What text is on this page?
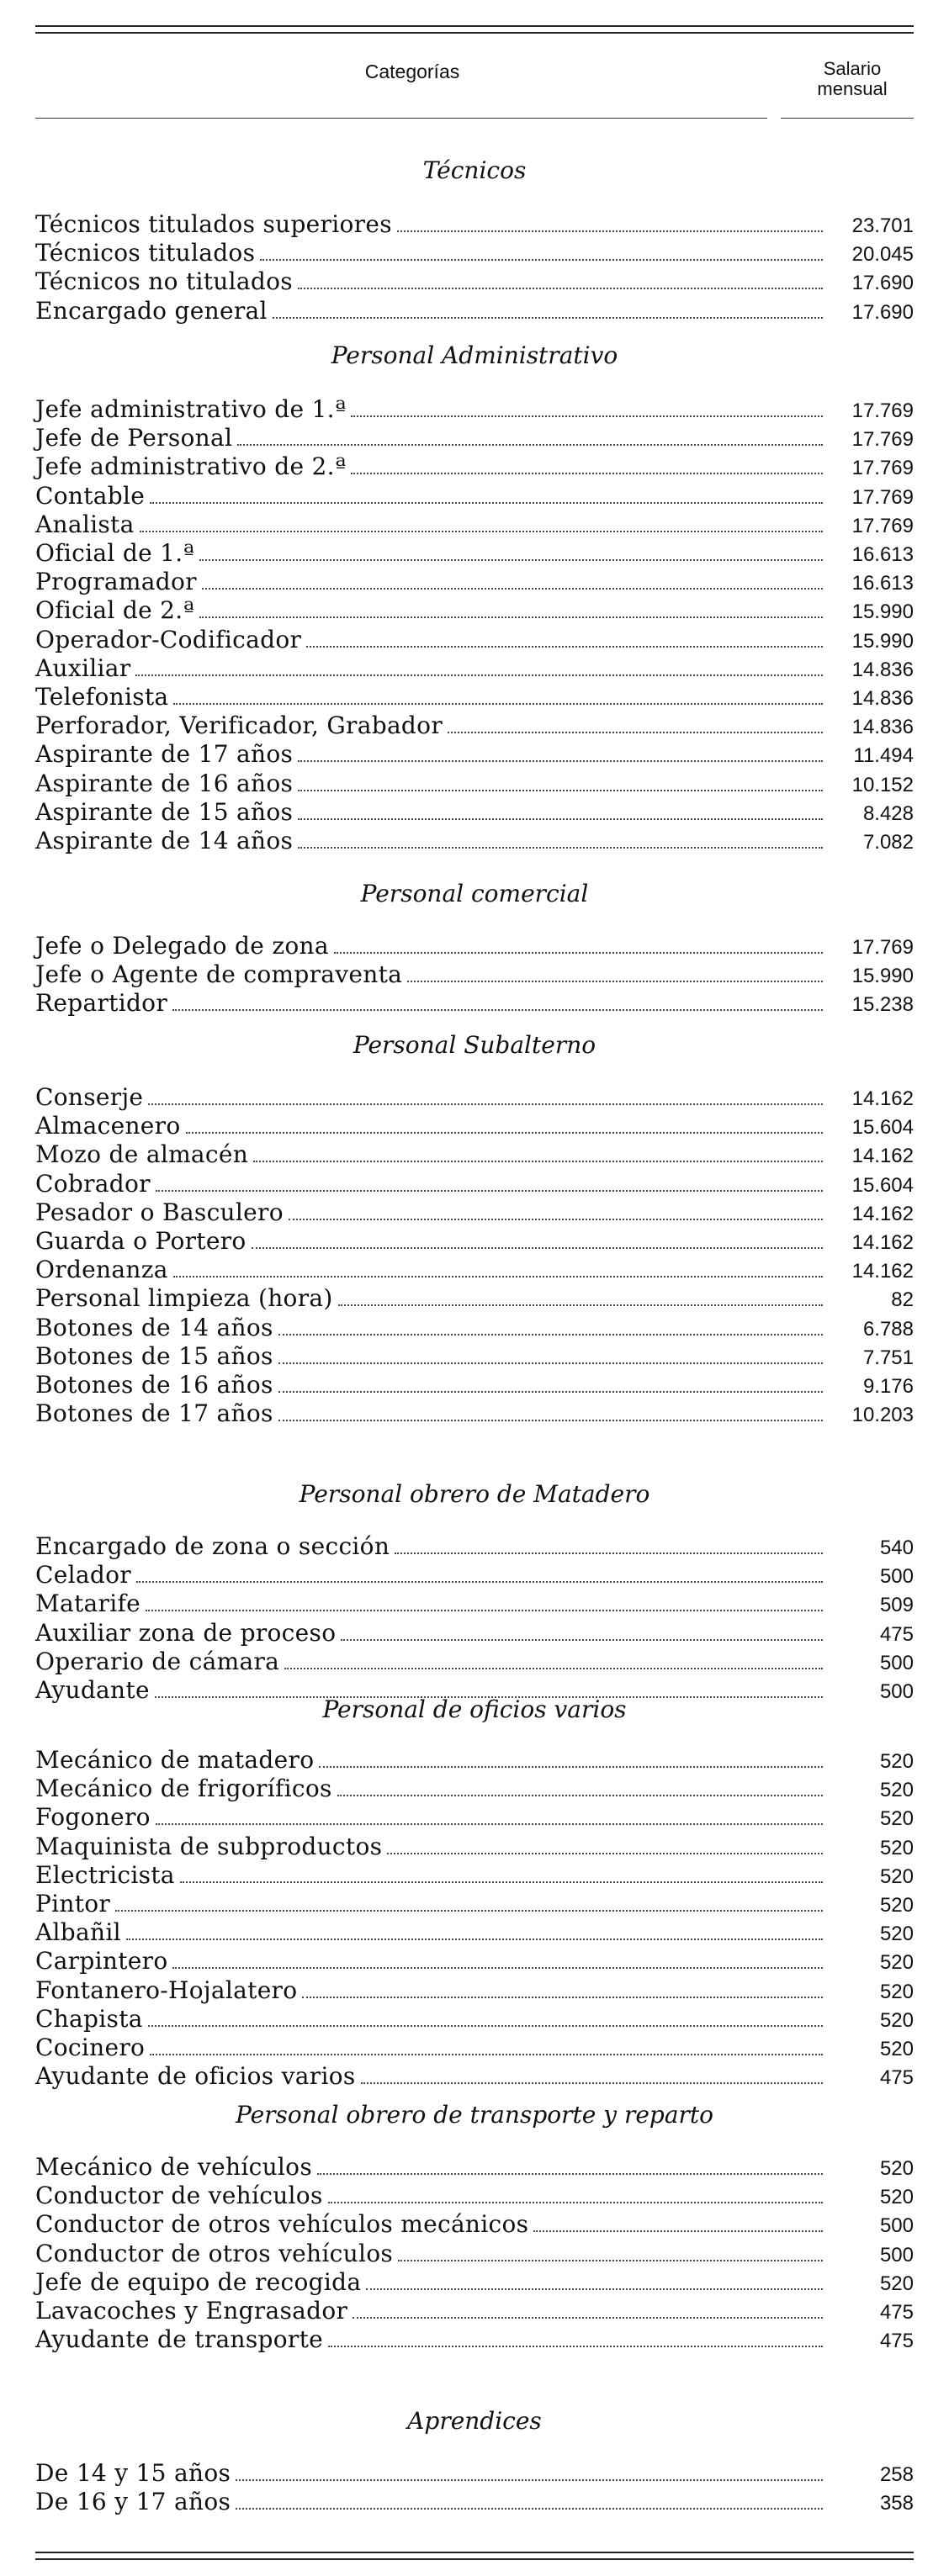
Categorías	Salario
mensual
Técnicos
Técnicos titulados superiores	23.701
Técnicos titulados	20.045
Técnicos no titulados	17.690
Encargado general	17.690
Personal Administrativo
Jefe administrativo de 1.ª	17.769
Jefe de Personal	17.769
Jefe administrativo de 2.ª	17.769
Contable	17.769
Analista	17.769
Oficial de 1.ª	16.613
Programador	16.613
Oficial de 2.ª	15.990
Operador-Codificador	15.990
Auxiliar	14.836
Telefonista	14.836
Perforador, Verificador, Grabador	14.836
Aspirante de 17 años	11.494
Aspirante de 16 años	10.152
Aspirante de 15 años	8.428
Aspirante de 14 años	7.082
Personal comercial
Jefe o Delegado de zona	17.769
Jefe o Agente de compraventa	15.990
Repartidor	15.238
Personal Subalterno
Conserje	14.162
Almacenero	15.604
Mozo de almacén	14.162
Cobrador	15.604
Pesador o Basculero	14.162
Guarda o Portero	14.162
Ordenanza	14.162
Personal limpieza (hora)	82
Botones de 14 años	6.788
Botones de 15 años	7.751
Botones de 16 años	9.176
Botones de 17 años	10.203
Personal obrero de Matadero
Encargado de zona o sección	540
Celador	500
Matarife	509
Auxiliar zona de proceso	475
Operario de cámara	500
Ayudante	500
Personal de oficios varios
Mecánico de matadero	520
Mecánico de frigoríficos	520
Fogonero	520
Maquinista de subproductos	520
Electricista	520
Pintor	520
Albañil	520
Carpintero	520
Fontanero-Hojalatero	520
Chapista	520
Cocinero	520
Ayudante de oficios varios	475
Personal obrero de transporte y reparto
Mecánico de vehículos	520
Conductor de vehículos	520
Conductor de otros vehículos mecánicos	500
Conductor de otros vehículos	500
Jefe de equipo de recogida	520
Lavacoches y Engrasador	475
Ayudante de transporte	475
Aprendices
De 14 y 15 años	258
De 16 y 17 años	358
